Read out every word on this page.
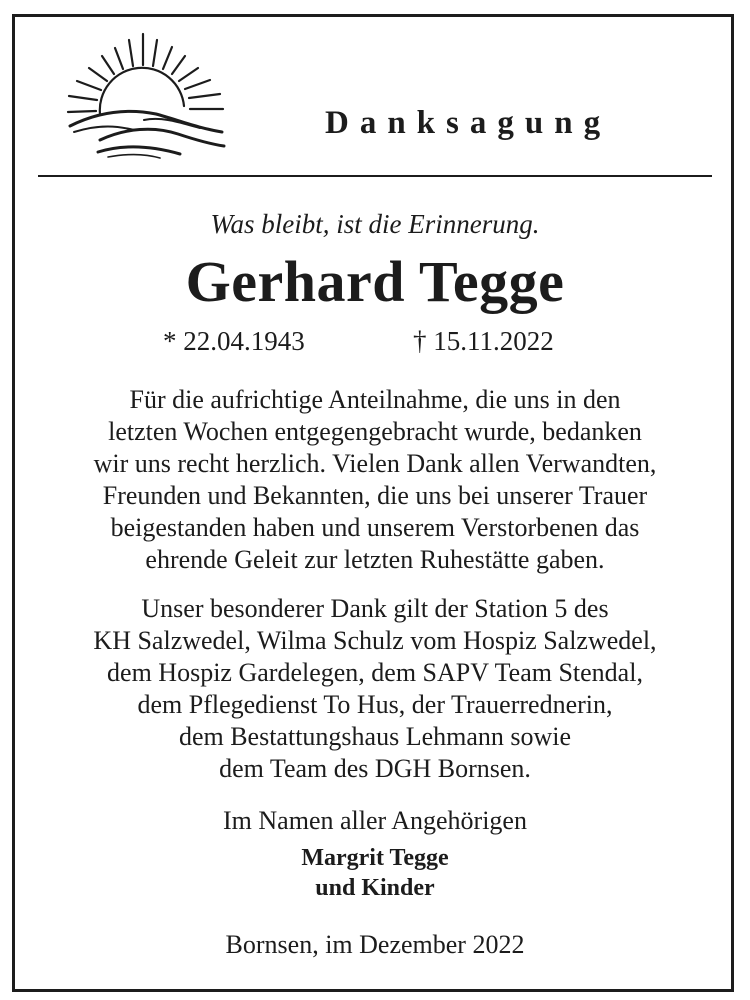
Danksagung
Was bleibt, ist die Erinnerung.
Gerhard Tegge
* 22.04.1943	† 15.11.2022

Für die aufrichtige Anteilnahme, die uns in den
letzten Wochen entgegengebracht wurde, bedanken
wir uns recht herzlich. Vielen Dank allen Verwandten,
Freunden und Bekannten, die uns bei unserer Trauer
beigestanden haben und unserem Verstorbenen das
ehrende Geleit zur letzten Ruhestätte gaben.

Unser besonderer Dank gilt der Station 5 des
KH Salzwedel, Wilma Schulz vom Hospiz Salzwedel,
dem Hospiz Gardelegen, dem SAPV Team Stendal,
dem Pflegedienst To Hus, der Trauerrednerin,
dem Bestattungshaus Lehmann sowie
dem Team des DGH Bornsen.

Im Namen aller Angehörigen
Margrit Tegge
und Kinder
Bornsen, im Dezember 2022
